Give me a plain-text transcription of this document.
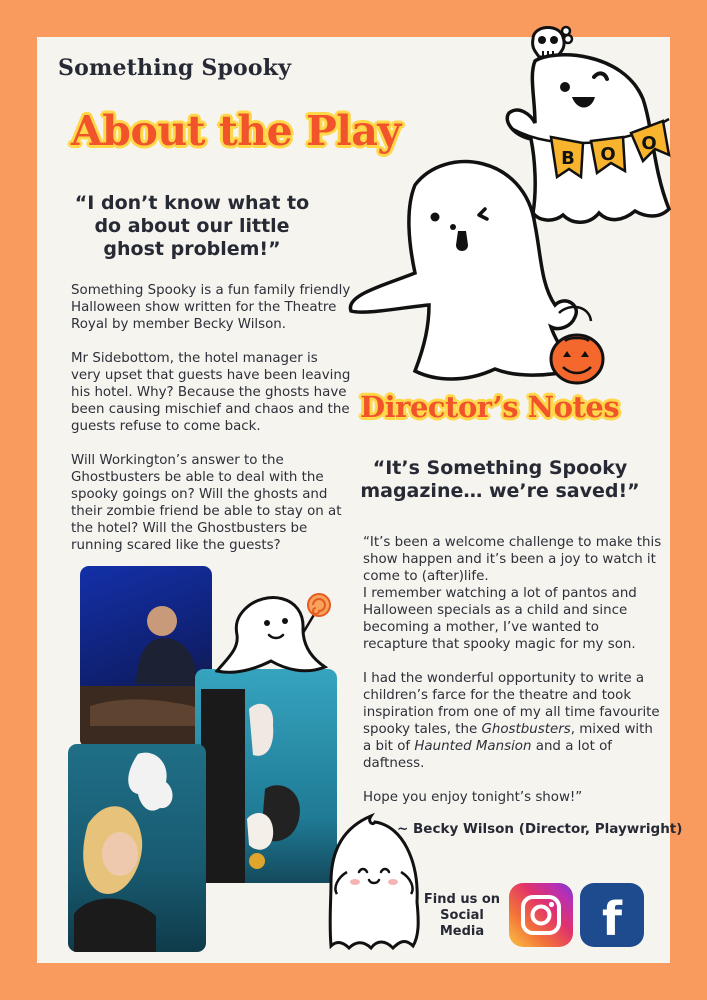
Something Spooky
About the Play

“I don’t know what to do about our little ghost problem!”

Something Spooky is a fun family friendly Halloween show written for the Theatre Royal by member Becky Wilson.

Mr Sidebottom, the hotel manager is very upset that guests have been leaving his hotel. Why? Because the ghosts have been causing mischief and chaos and the guests refuse to come back.

Will Workington’s answer to the Ghostbusters be able to deal with the spooky goings on? Will the ghosts and their zombie friend be able to stay on at the hotel? Will the Ghostbusters be running scared like the guests?

B O
O
Director’s Notes

“It’s Something Spooky magazine… we’re saved!”

“It’s been a welcome challenge to make this show happen and it’s been a joy to watch it come to (after)life.
I remember watching a lot of pantos and Halloween specials as a child and since becoming a mother, I’ve wanted to recapture that spooky magic for my son.

I had the wonderful opportunity to write a children’s farce for the theatre and took inspiration from one of my all time favourite spooky tales, the Ghostbusters, mixed with a bit of Haunted Mansion and a lot of daftness.

Hope you enjoy tonight’s show!”

~ Becky Wilson (Director, Playwright)

Find us on
Social
Media	f
